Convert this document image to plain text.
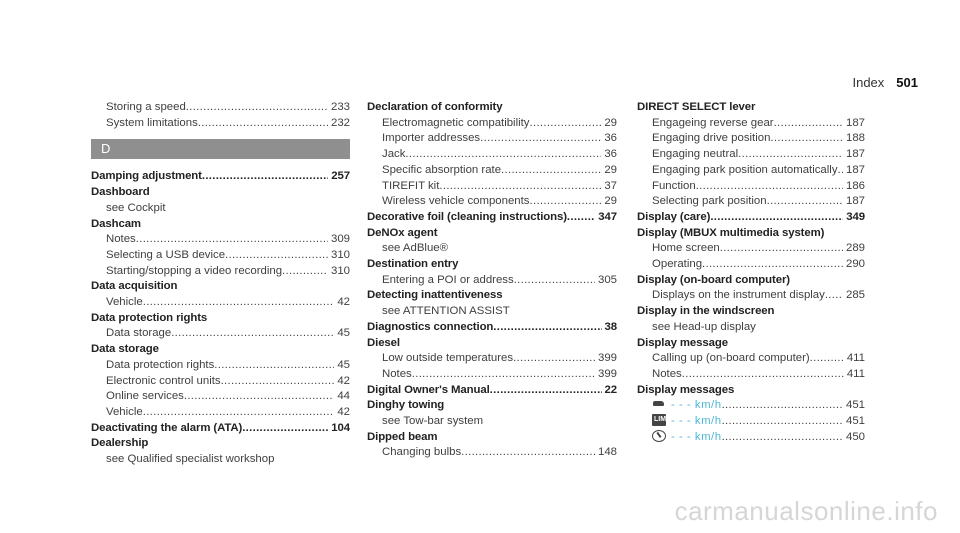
Index 501
Storing a speed .....	233
System limitations .....	232
D
Damping adjustment .....	257
Dashboard
see Cockpit
Dashcam
Notes .....	309
Selecting a USB device .....	310
Starting/stopping a video recording .....	310
Data acquisition
Vehicle .....	42
Data protection rights
Data storage .....	45
Data storage
Data protection rights .....	45
Electronic control units .....	42
Online services .....	44
Vehicle .....	42
Deactivating the alarm (ATA) .....	104
Dealership
see Qualified specialist workshop
Declaration of conformity
Electromagnetic compatibility .....	29
Importer addresses .....	36
Jack .....	36
Specific absorption rate .....	29
TIREFIT kit .....	37
Wireless vehicle components .....	29
Decorative foil (cleaning instructions) .....	347
DeNOx agent
see AdBlue®
Destination entry
Entering a POI or address .....	305
Detecting inattentiveness
see ATTENTION ASSIST
Diagnostics connection .....	38
Diesel
Low outside temperatures .....	399
Notes .....	399
Digital Owner's Manual .....	22
Dinghy towing
see Tow-bar system
Dipped beam
Changing bulbs .....	148
DIRECT SELECT lever
Engageing reverse gear .....	187
Engaging drive position .....	188
Engaging neutral .....	187
Engaging park position automatically ..... 187
Function .....	186
Selecting park position .....	187
Display (care) .....	349
Display (MBUX multimedia system)
Home screen .....	289
Operating .....	290
Display (on-board computer)
Displays on the instrument display ..... 285
Display in the windscreen
see Head-up display
Display message
Calling up (on-board computer) .....	411
Notes .....	411
Display messages
- - - km/h .....	451
LIM- - - km/h .....	451
- - - km/h .....	450
carmanualsonline.info
